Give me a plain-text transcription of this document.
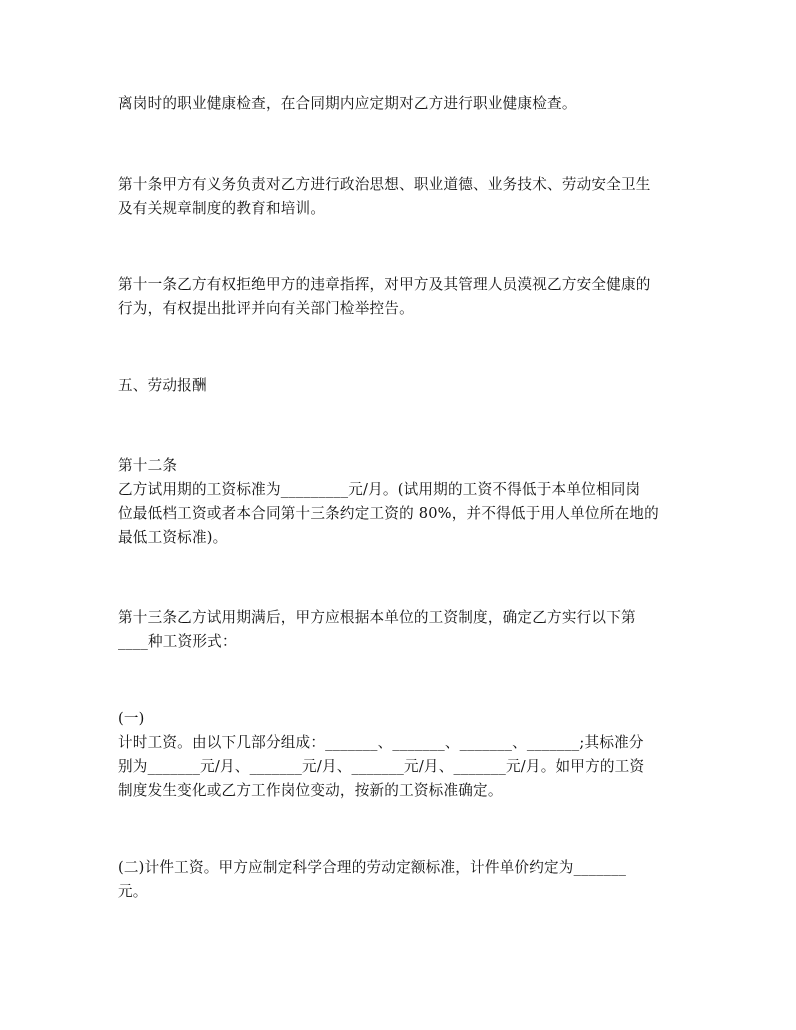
离岗时的职业健康检查，在合同期内应定期对乙方进行职业健康检查。
第十条甲方有义务负责对乙方进行政治思想、职业道德、业务技术、劳动安全卫生
及有关规章制度的教育和培训。
第十一条乙方有权拒绝甲方的违章指挥，对甲方及其管理人员漠视乙方安全健康的
行为，有权提出批评并向有关部门检举控告。
五、劳动报酬
第十二条
乙方试用期的工资标准为_________元/月。(试用期的工资不得低于本单位相同岗
位最低档工资或者本合同第十三条约定工资的 80%，并不得低于用人单位所在地的
最低工资标准)。
第十三条乙方试用期满后，甲方应根据本单位的工资制度，确定乙方实行以下第
____种工资形式：
(一)
计时工资。由以下几部分组成：_______、_______、_______、_______;其标准分
别为_______元/月、_______元/月、_______元/月、_______元/月。如甲方的工资
制度发生变化或乙方工作岗位变动，按新的工资标准确定。
(二)计件工资。甲方应制定科学合理的劳动定额标准，计件单价约定为_______
元。
